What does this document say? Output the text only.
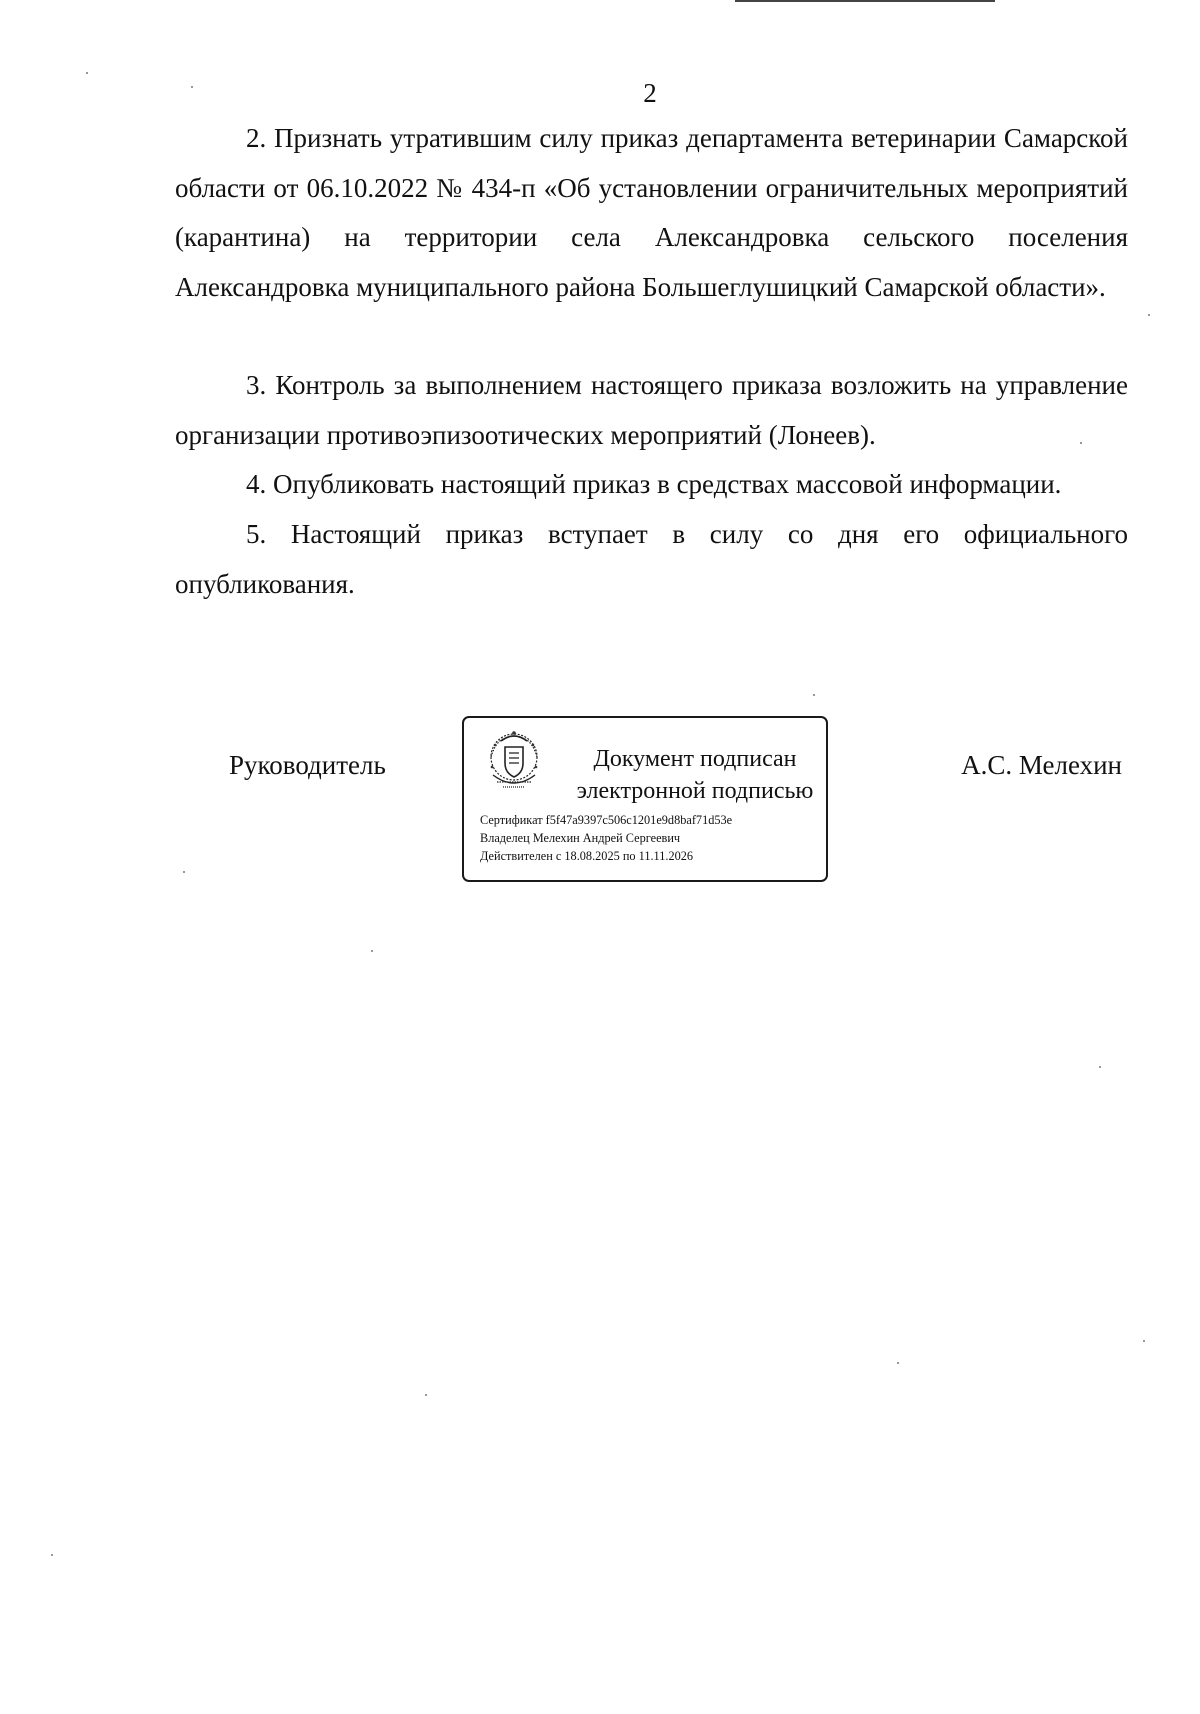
2

2. Признать утратившим силу приказ департамента ветеринарии Самарской области от 06.10.2022 № 434-п «Об установлении ограничительных мероприятий (карантина) на территории села Александровка сельского поселения Александровка муниципального района Большеглушицкий Самарской области».

3. Контроль за выполнением настоящего приказа возложить на управление организации противоэпизоотических мероприятий (Лонеев).

4. Опубликовать настоящий приказ в средствах массовой информации.

5. Настоящий приказ вступает в силу со дня его официального опубликования.

Руководитель	Документ подписан
электронной подписью
Сертификат f5f47a9397c506c1201e9d8baf71d53e
Владелец Мелехин Андрей Сергеевич
Действителен с 18.08.2025 по 11.11.2026
А.С. Мелехин
